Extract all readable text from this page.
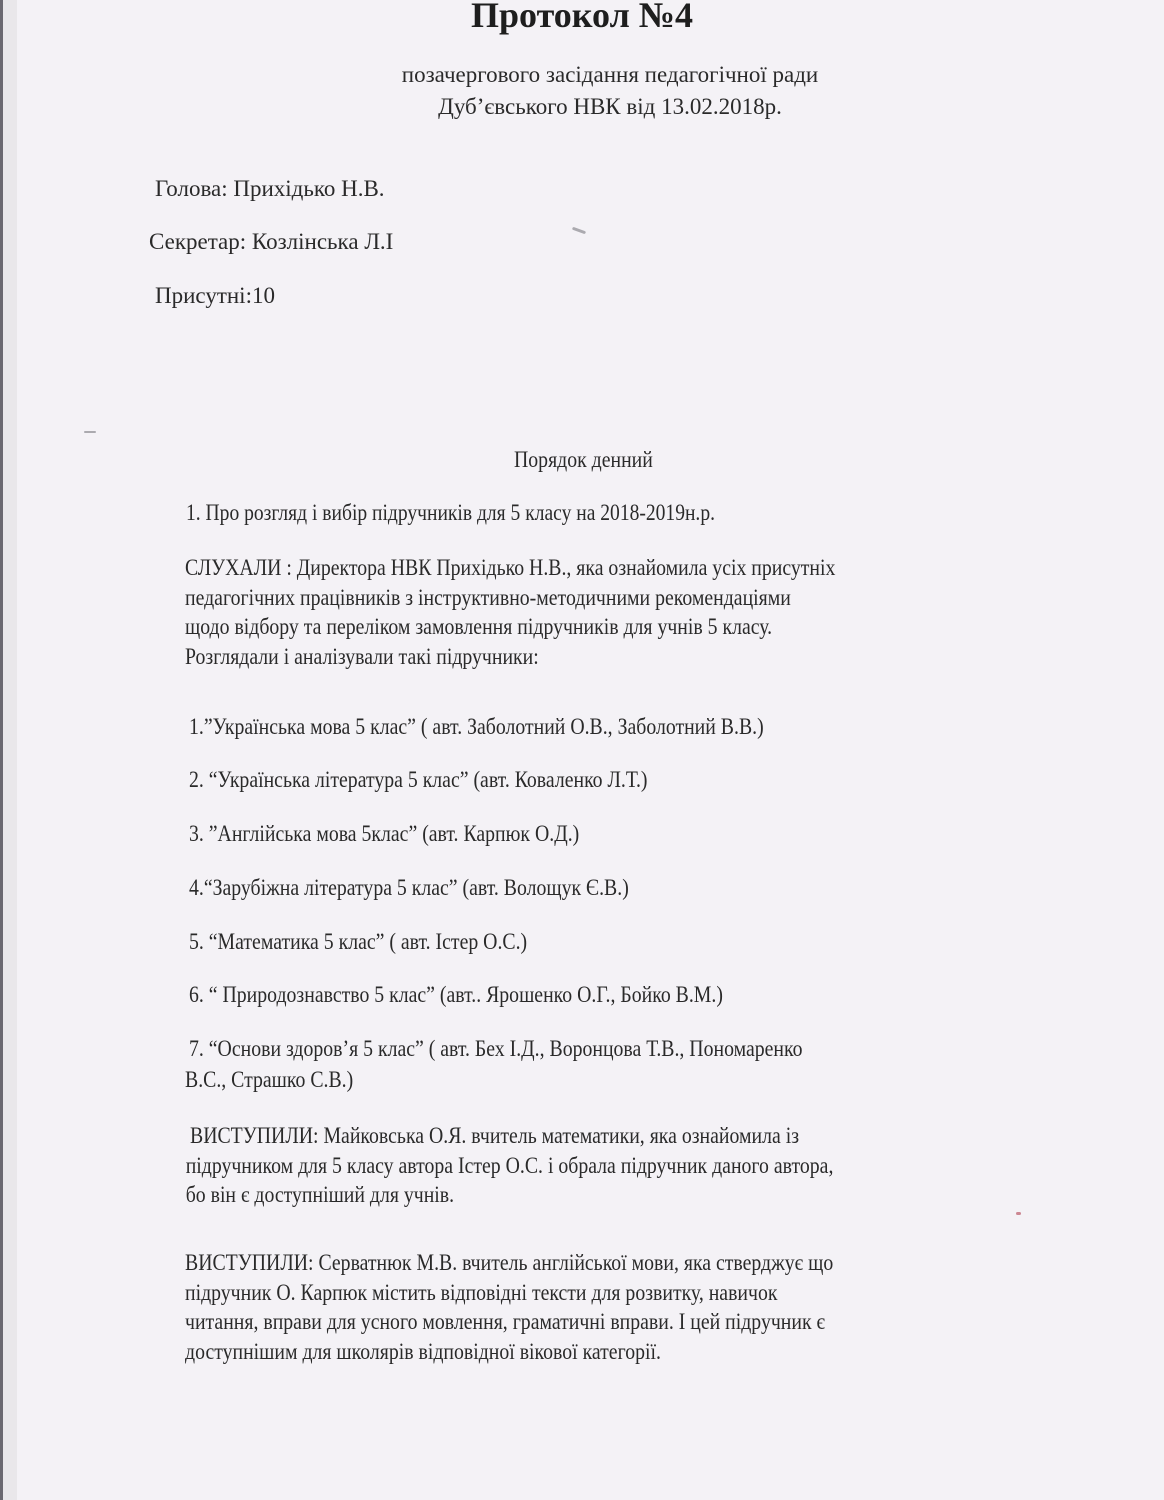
Протокол №4
позачергового засідання педагогічної ради
Дуб’євського НВК від 13.02.2018р.
Голова: Прихідько Н.В.
Секретар: Козлінська Л.І
Присутні:10
Порядок денний
1. Про розгляд і вибір підручників для 5 класу на 2018-2019н.р.
СЛУХАЛИ : Директора НВК Прихідько Н.В., яка ознайомила усіх присутніх
педагогічних працівників з інструктивно-методичними рекомендаціями
щодо відбору та переліком замовлення підручників для учнів 5 класу.
Розглядали і аналізували такі підручники:
1.”Українська мова 5 клас” ( авт. Заболотний О.В., Заболотний В.В.)
2. “Українська література 5 клас” (авт. Коваленко Л.Т.)
3. ”Англійська мова 5клас” (авт. Карпюк О.Д.)
4.“Зарубіжна література 5 клас” (авт. Волощук Є.В.)
5. “Математика 5 клас” ( авт. Істер О.С.)
6. “ Природознавство 5 клас” (авт.. Ярошенко О.Г., Бойко В.М.)
7. “Основи здоров’я 5 клас” ( авт. Бех І.Д., Воронцова Т.В., Пономаренко
В.С., Страшко С.В.)
ВИСТУПИЛИ: Майковська О.Я. вчитель математики, яка ознайомила із
підручником для 5 класу автора Істер О.С. і обрала підручник даного автора,
бо він є доступніший для учнів.
ВИСТУПИЛИ: Серватнюк М.В. вчитель англійської мови, яка стверджує що
підручник О. Карпюк містить відповідні тексти для розвитку, навичок
читання, вправи для усного мовлення, граматичні вправи. І цей підручник є
доступнішим для школярів відповідної вікової категорії.
